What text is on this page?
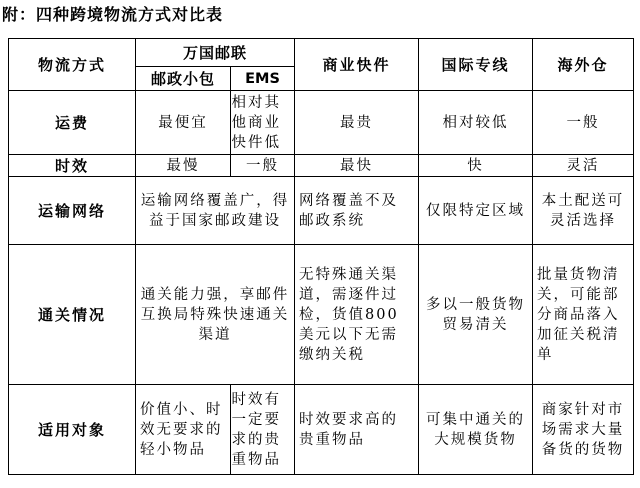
附：四种跨境物流方式对比表
物流方式	万国邮联		商业快件	国际专线	海外仓
	邮政小包	EMS			
运费	最便宜	相对其他商业快件低	最贵	相对较低	一般
时效	最慢	一般	最快	快	灵活
运输网络	运输网络覆盖广，得益于国家邮政建设		网络覆盖不及邮政系统	仅限特定区域	本土配送可灵活选择
通关情况	通关能力强，享邮件互换局特殊快速通关渠道		无特殊通关渠道，需逐件过检，货值800美元以下无需缴纳关税	多以一般货物贸易清关	批量货物清关，可能部分商品落入加征关税清单
适用对象	价值小、时效无要求的轻小物品	时效有一定要求的贵重物品	时效要求高的贵重物品	可集中通关的大规模货物	商家针对市场需求大量备货的货物
